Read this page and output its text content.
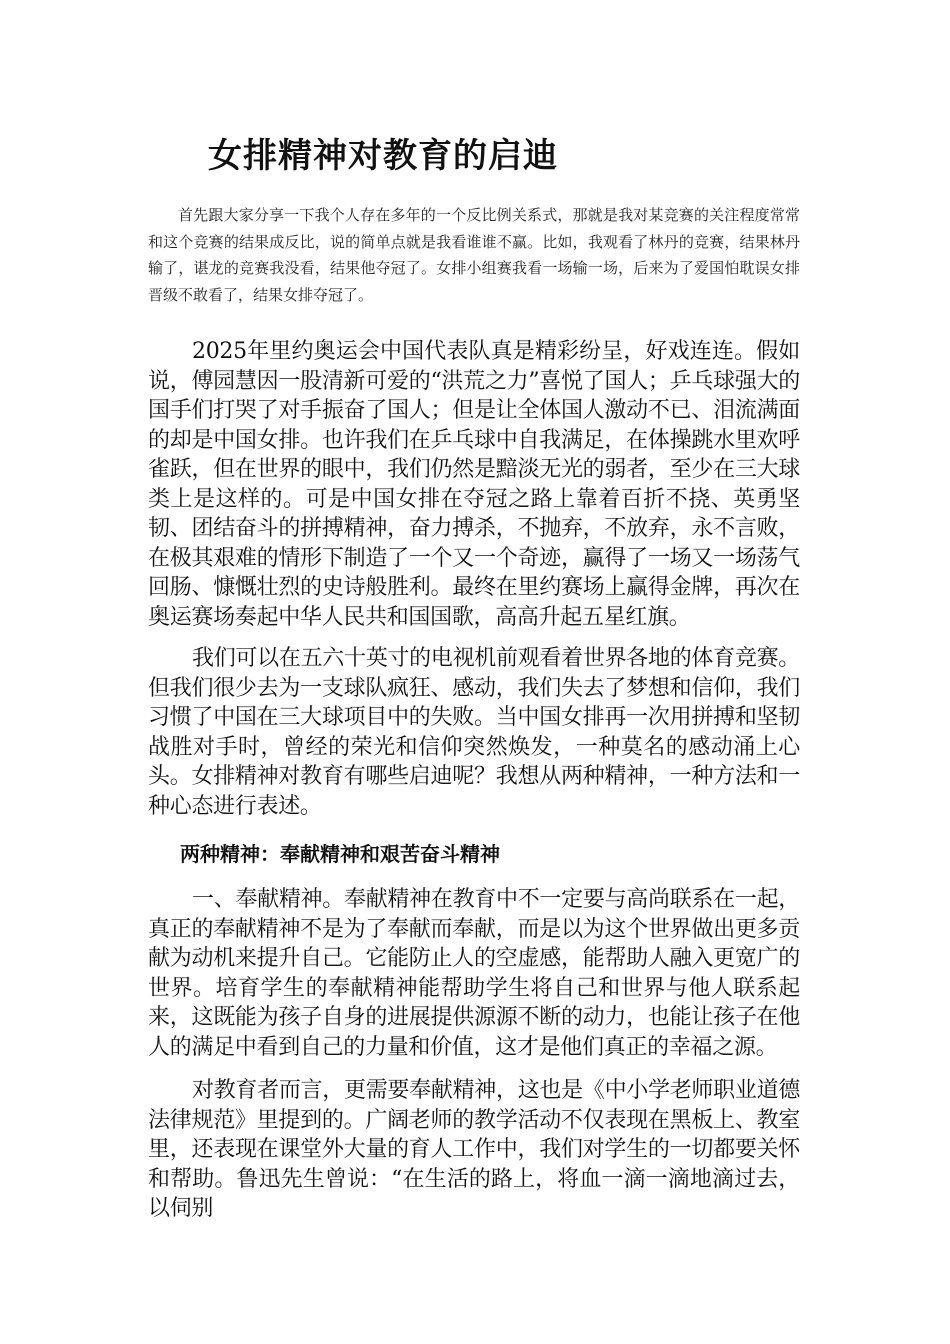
女排精神对教育的启迪

首先跟大家分享一下我个人存在多年的一个反比例关系式，那就是我对某竞赛的关注程度常常和这个竞赛的结果成反比，说的简单点就是我看谁谁不赢。比如，我观看了林丹的竞赛，结果林丹输了，谌龙的竞赛我没看，结果他夺冠了。女排小组赛我看一场输一场，后来为了爱国怕耽误女排晋级不敢看了，结果女排夺冠了。

2025年里约奥运会中国代表队真是精彩纷呈，好戏连连。假如说，傅园慧因一股清新可爱的“洪荒之力”喜悦了国人；乒乓球强大的国手们打哭了对手振奋了国人；但是让全体国人激动不已、泪流满面的却是中国女排。也许我们在乒乓球中自我满足，在体操跳水里欢呼雀跃，但在世界的眼中，我们仍然是黯淡无光的弱者，至少在三大球类上是这样的。可是中国女排在夺冠之路上靠着百折不挠、英勇坚韧、团结奋斗的拼搏精神，奋力搏杀，不抛弃，不放弃，永不言败，在极其艰难的情形下制造了一个又一个奇迹，赢得了一场又一场荡气回肠、慷慨壮烈的史诗般胜利。最终在里约赛场上赢得金牌，再次在奥运赛场奏起中华人民共和国国歌，高高升起五星红旗。

我们可以在五六十英寸的电视机前观看着世界各地的体育竞赛。但我们很少去为一支球队疯狂、感动，我们失去了梦想和信仰，我们习惯了中国在三大球项目中的失败。当中国女排再一次用拼搏和坚韧战胜对手时，曾经的荣光和信仰突然焕发，一种莫名的感动涌上心头。女排精神对教育有哪些启迪呢？我想从两种精神，一种方法和一种心态进行表述。

两种精神：奉献精神和艰苦奋斗精神

一、奉献精神。奉献精神在教育中不一定要与高尚联系在一起，真正的奉献精神不是为了奉献而奉献，而是以为这个世界做出更多贡献为动机来提升自己。它能防止人的空虚感，能帮助人融入更宽广的世界。培育学生的奉献精神能帮助学生将自己和世界与他人联系起来，这既能为孩子自身的进展提供源源不断的动力，也能让孩子在他人的满足中看到自己的力量和价值，这才是他们真正的幸福之源。

对教育者而言，更需要奉献精神，这也是《中小学老师职业道德法律规范》里提到的。广阔老师的教学活动不仅表现在黑板上、教室里，还表现在课堂外大量的育人工作中，我们对学生的一切都要关怀和帮助。鲁迅先生曾说：“在生活的路上，将血一滴一滴地滴过去，以伺别
